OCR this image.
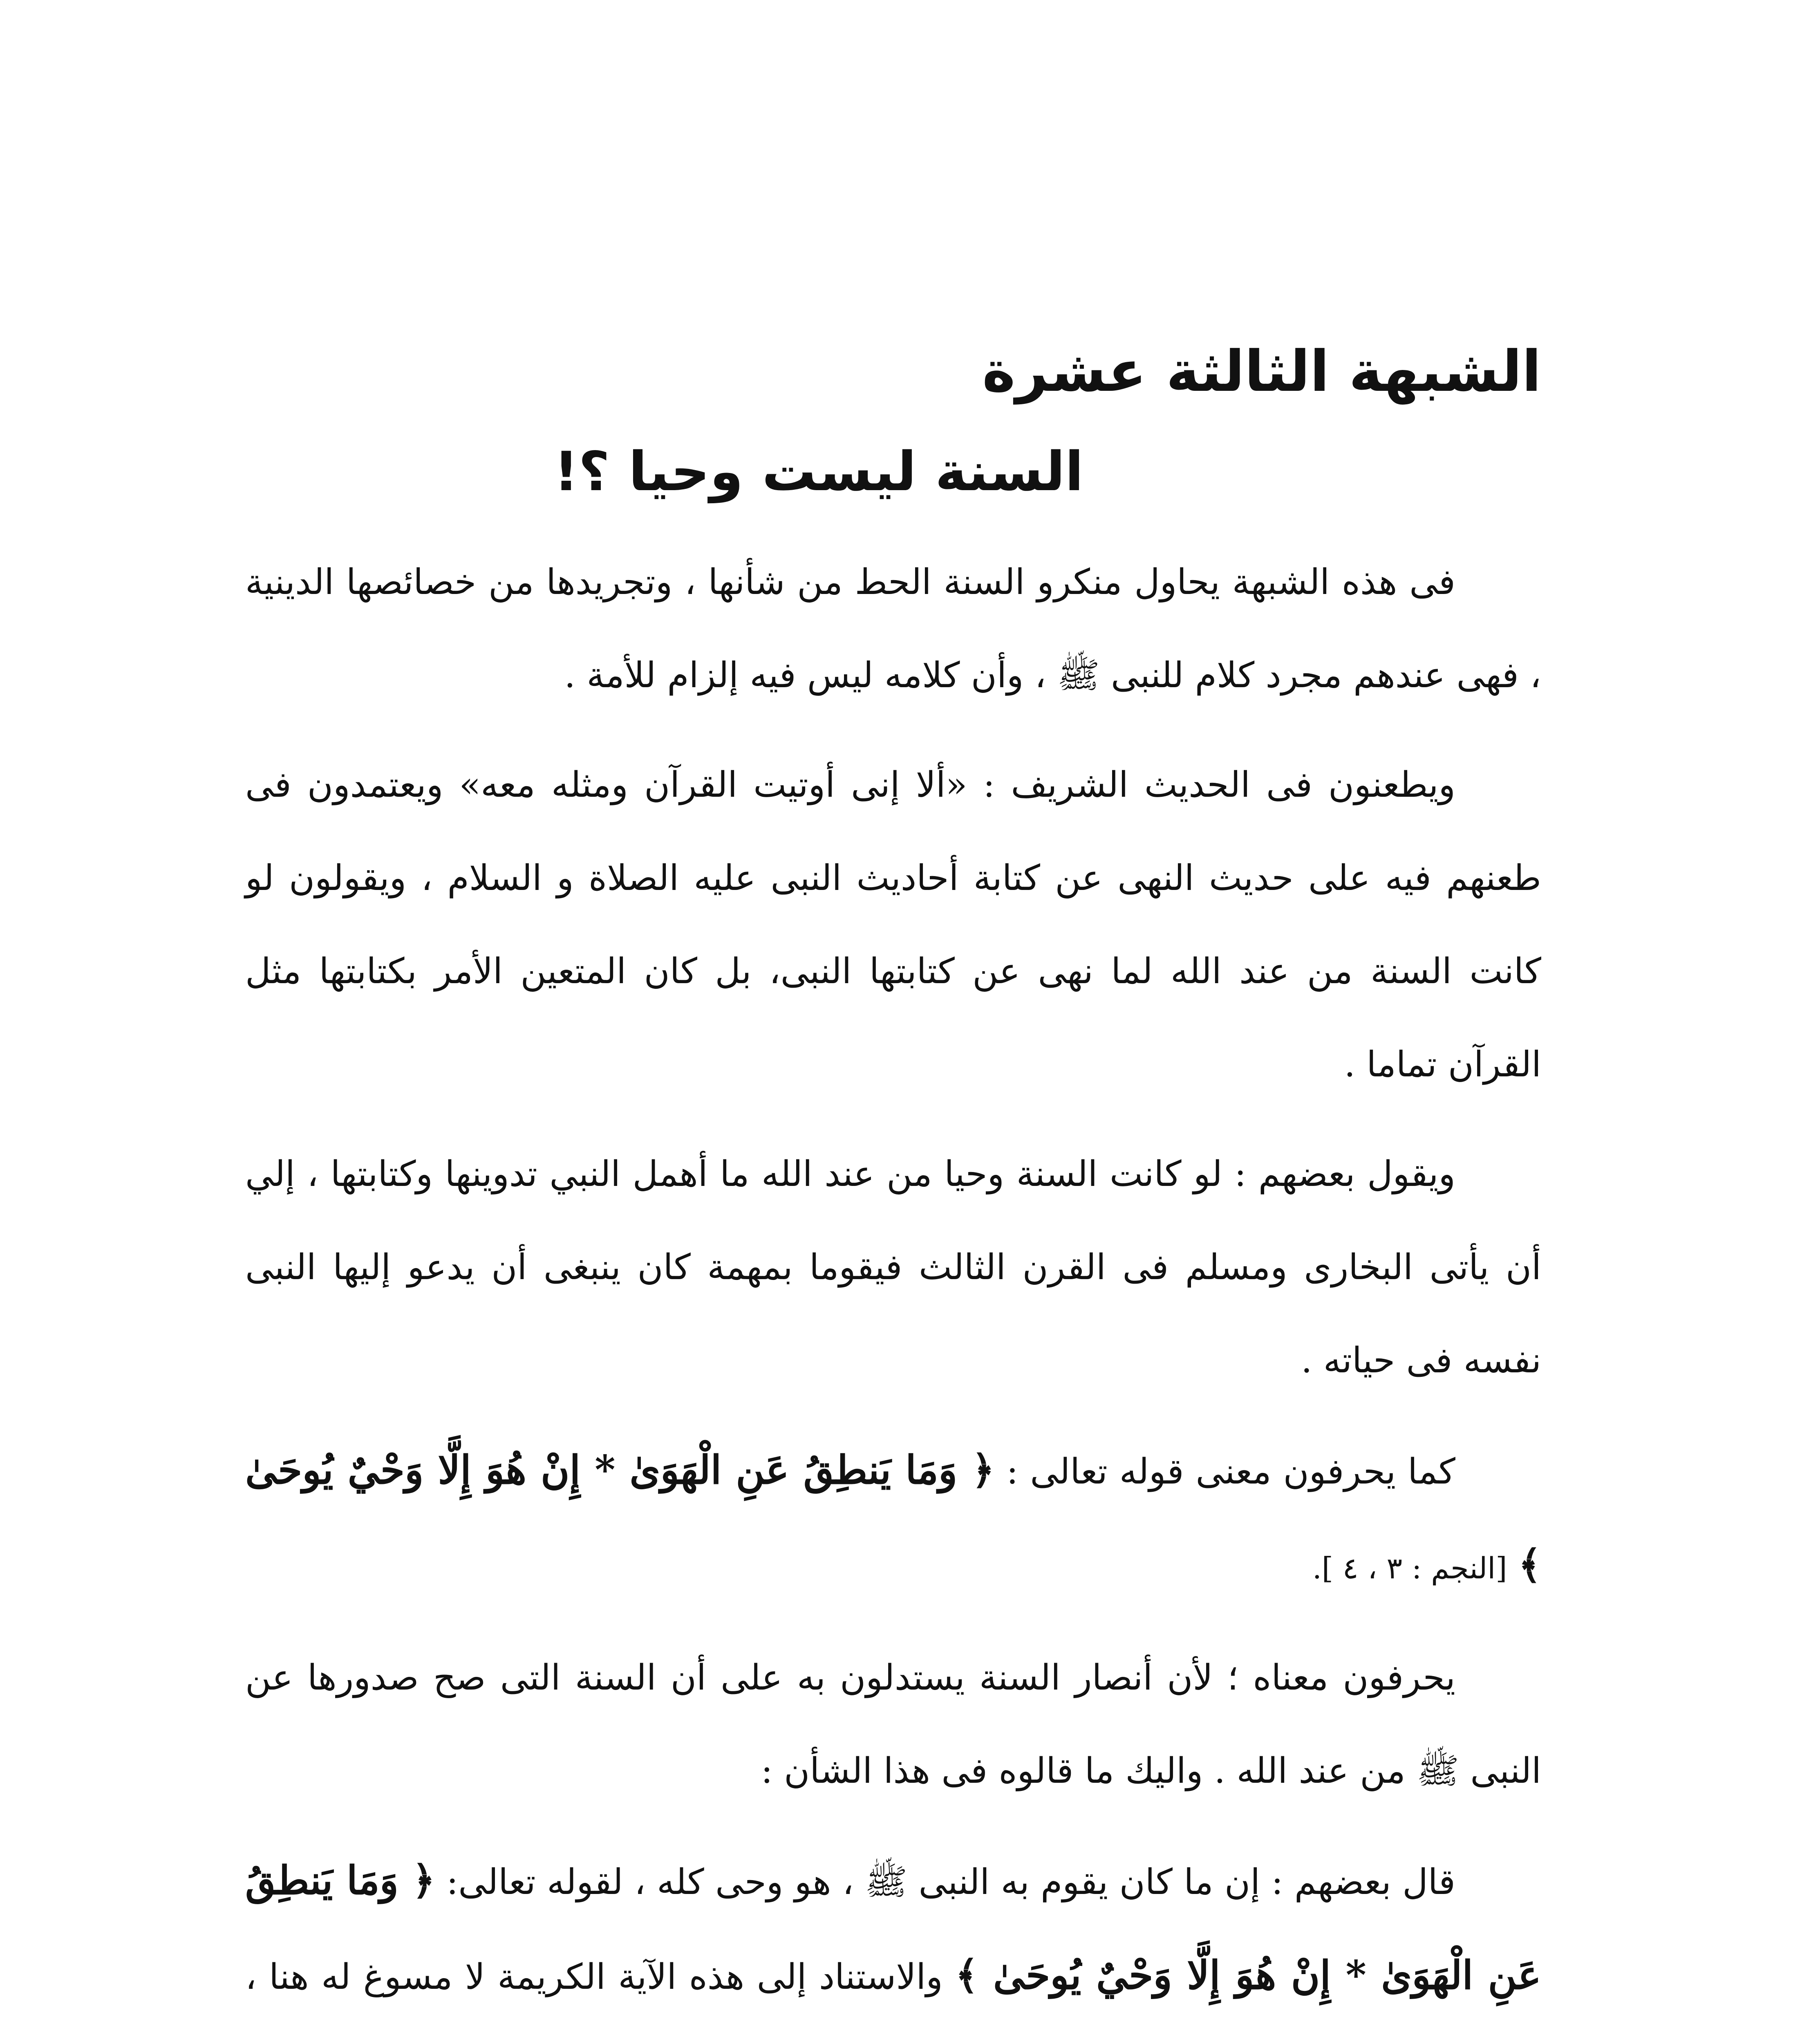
الشبهة الثالثة عشرة
السنة ليست وحيا ؟!

فى هذه الشبهة يحاول منكرو السنة الحط من شأنها ، وتجريدها من خصائصها الدينية ، فهى عندهم مجرد كلام للنبى ﷺ ، وأن كلامه ليس فيه إلزام للأمة .

ويطعنون فى الحديث الشريف : «ألا إنى أوتيت القرآن ومثله معه» ويعتمدون فى طعنهم فيه على حديث النهى عن كتابة أحاديث النبى عليه الصلاة و السلام ، ويقولون لو كانت السنة من عند الله لما نهى عن كتابتها النبى، بل كان المتعين الأمر بكتابتها مثل القرآن تماما .

ويقول بعضهم : لو كانت السنة وحيا من عند الله ما أهمل النبي تدوينها وكتابتها ، إلي أن يأتى البخارى ومسلم فى القرن الثالث فيقوما بمهمة كان ينبغى أن يدعو إليها النبى نفسه فى حياته .

كما يحرفون معنى قوله تعالى : ﴿ وَمَا يَنطِقُ عَنِ الْهَوَىٰ * إِنْ هُوَ إِلَّا وَحْيٌ يُوحَىٰ ﴾ [النجم : ٣ ، ٤ ].

يحرفون معناه ؛ لأن أنصار السنة يستدلون به على أن السنة التى صح صدورها عن النبى ﷺ من عند الله . واليك ما قالوه فى هذا الشأن :

قال بعضهم : إن ما كان يقوم به النبى ﷺ ، هو وحى كله ، لقوله تعالى: ﴿ وَمَا يَنطِقُ عَنِ الْهَوَىٰ * إِنْ هُوَ إِلَّا وَحْيٌ يُوحَىٰ ﴾ والاستناد إلى هذه الآية الكريمة لا مسوغ له هنا ،
